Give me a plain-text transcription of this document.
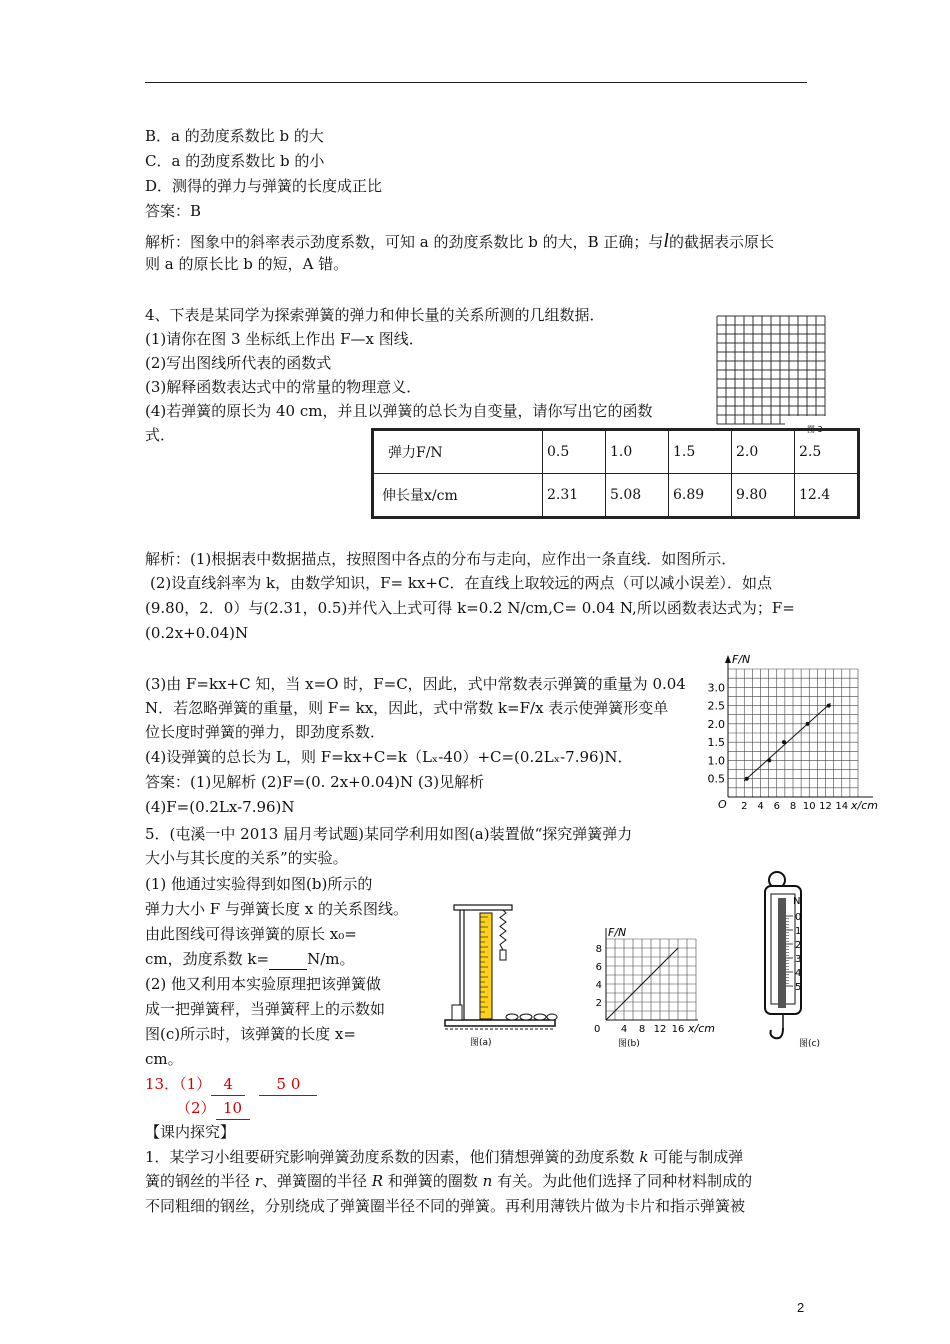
B．a 的劲度系数比 b 的大
C．a 的劲度系数比 b 的小
D．测得的弹力与弹簧的长度成正比
答案：B
解析：图象中的斜率表示劲度系数，可知 a 的劲度系数比 b 的大，B 正确；与l的截据表示原长
则 a 的原长比 b 的短，A 错。
4、下表是某同学为探索弹簧的弹力和伸长量的关系所测的几组数据．
(1)请你在图 3 坐标纸上作出 F—x 图线．
(2)写出图线所代表的函数式
(3)解释函数表达式中的常量的物理意义．
(4)若弹簧的原长为 40 cm，并且以弹簧的总长为自变量，请你写出它的函数
式．	图 3
弹力F/N	0.5	1.0	1.5	2.0	2.5
伸长量x/cm	2.31	5.08	6.89	9.80	12.4
解析：(1)根据表中数据描点，按照图中各点的分布与走向，应作出一条直线．如图所示．
(2)设直线斜率为 k，由数学知识，F= kx+C．在直线上取较远的两点（可以减小误差）．如点
(9.80，2．0）与(2.31，0.5)并代入上式可得 k=0.2 N/cm,C= 0.04 N,所以函数表达式为；F=
(0.2x+0.04)N
(3)由 F=kx+C 知，当 x=O 时，F=C，因此，式中常数表示弹簧的重量为 0.04
N．若忽略弹簧的重量，则 F= kx，因此，式中常数 k=F/x 表示使弹簧形变单
位长度时弹簧的弹力，即劲度系数．
(4)设弹簧的总长为 L，则 F=kx+C=k（Lₓ-40）+C=(0.2Lₓ-7.96)N．
答案：(1)见解析 (2)F=(0. 2x+0.04)N (3)见解析
(4)F=(0.2Lx-7.96)N
F/N
x/cm
O
0.5
1.0
1.5
2.0
2.5
3.0
2 4 6 8 10 12 14
5．(屯溪一中 2013 届月考试题)某同学利用如图(a)装置做“探究弹簧弹力
大小与其长度的关系”的实验。
(1) 他通过实验得到如图(b)所示的
弹力大小 F 与弹簧长度 x 的关系图线。
由此图线可得该弹簧的原长 x₀=
cm，劲度系数 k=	N/m。
(2) 他又利用本实验原理把该弹簧做
成一把弹簧秤，当弹簧秤上的示数如
图(c)所示时，该弹簧的长度 x=
cm。
图(a)
F/N
x/cm
0
2
4
6
8
4 8 12 16
图(b)
N
0
1
2
3
4
5
图(c)
13．（1） 4	5 0
（2） 10
【课内探究】
1．某学习小组要研究影响弹簧劲度系数的因素，他们猜想弹簧的劲度系数 k 可能与制成弹
簧的钢丝的半径 r、弹簧圈的半径 R 和弹簧的圈数 n 有关。为此他们选择了同种材料制成的
不同粗细的钢丝，分别绕成了弹簧圈半径不同的弹簧。再利用薄铁片做为卡片和指示弹簧被
2
